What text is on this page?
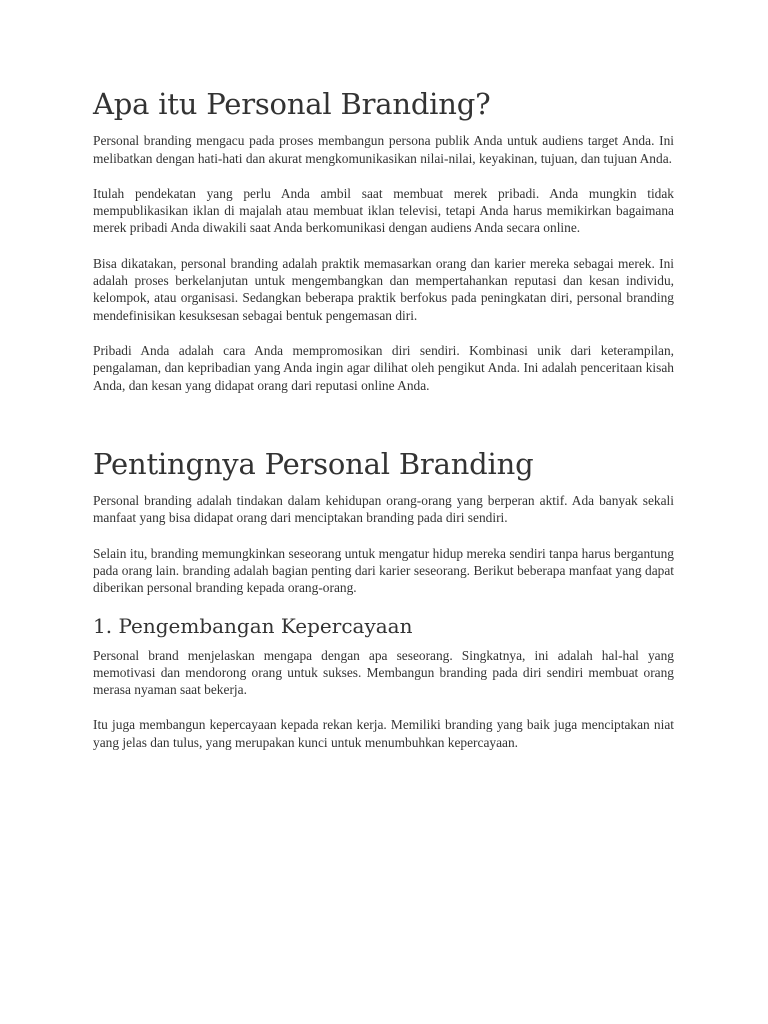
Apa itu Personal Branding?

Personal branding mengacu pada proses membangun persona publik Anda untuk audiens target Anda. Ini melibatkan dengan hati-hati dan akurat mengkomunikasikan nilai-nilai, keyakinan, tujuan, dan tujuan Anda.

Itulah pendekatan yang perlu Anda ambil saat membuat merek pribadi. Anda mungkin tidak mempublikasikan iklan di majalah atau membuat iklan televisi, tetapi Anda harus memikirkan bagaimana merek pribadi Anda diwakili saat Anda berkomunikasi dengan audiens Anda secara online.

Bisa dikatakan, personal branding adalah praktik memasarkan orang dan karier mereka sebagai merek. Ini adalah proses berkelanjutan untuk mengembangkan dan mempertahankan reputasi dan kesan individu, kelompok, atau organisasi. Sedangkan beberapa praktik berfokus pada peningkatan diri, personal branding mendefinisikan kesuksesan sebagai bentuk pengemasan diri.

Pribadi Anda adalah cara Anda mempromosikan diri sendiri. Kombinasi unik dari keterampilan, pengalaman, dan kepribadian yang Anda ingin agar dilihat oleh pengikut Anda. Ini adalah penceritaan kisah Anda, dan kesan yang didapat orang dari reputasi online Anda.

Pentingnya Personal Branding

Personal branding adalah tindakan dalam kehidupan orang-orang yang berperan aktif. Ada banyak sekali manfaat yang bisa didapat orang dari menciptakan branding pada diri sendiri.

Selain itu, branding memungkinkan seseorang untuk mengatur hidup mereka sendiri tanpa harus bergantung pada orang lain. branding adalah bagian penting dari karier seseorang. Berikut beberapa manfaat yang dapat diberikan personal branding kepada orang-orang.

1. Pengembangan Kepercayaan

Personal brand menjelaskan mengapa dengan apa seseorang. Singkatnya, ini adalah hal-hal yang memotivasi dan mendorong orang untuk sukses. Membangun branding pada diri sendiri membuat orang merasa nyaman saat bekerja.

Itu juga membangun kepercayaan kepada rekan kerja. Memiliki branding yang baik juga menciptakan niat yang jelas dan tulus, yang merupakan kunci untuk menumbuhkan kepercayaan.
